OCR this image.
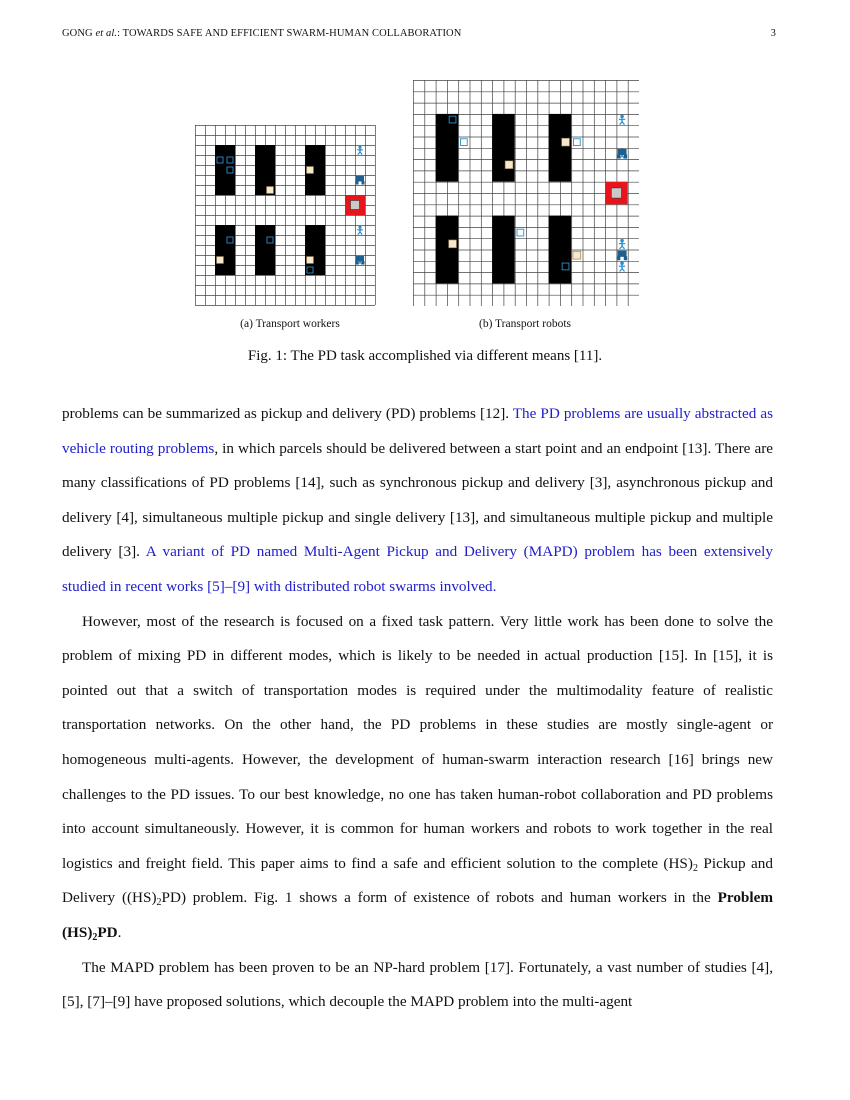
GONG et al.: TOWARDS SAFE AND EFFICIENT SWARM-HUMAN COLLABORATION	3
(a) Transport workers	(b) Transport robots
Fig. 1: The PD task accomplished via different means [11].

problems can be summarized as pickup and delivery (PD) problems [12]. The PD problems are usually abstracted as vehicle routing problems, in which parcels should be delivered between a start point and an endpoint [13]. There are many classifications of PD problems [14], such as synchronous pickup and delivery [3], asynchronous pickup and delivery [4], simultaneous multiple pickup and single delivery [13], and simultaneous multiple pickup and multiple delivery [3]. A variant of PD named Multi-Agent Pickup and Delivery (MAPD) problem has been extensively studied in recent works [5]–[9] with distributed robot swarms involved.

However, most of the research is focused on a fixed task pattern. Very little work has been done to solve the problem of mixing PD in different modes, which is likely to be needed in actual production [15]. In [15], it is pointed out that a switch of transportation modes is required under the multimodality feature of realistic transportation networks. On the other hand, the PD problems in these studies are mostly single-agent or homogeneous multi-agents. However, the development of human-swarm interaction research [16] brings new challenges to the PD issues. To our best knowledge, no one has taken human-robot collaboration and PD problems into account simultaneously. However, it is common for human workers and robots to work together in the real logistics and freight field. This paper aims to find a safe and efficient solution to the complete $(HS)_2$ Pickup and Delivery $((HS)_2PD)$ problem. Fig. 1 shows a form of existence of robots and human workers in the Problem $(HS)_2PD$.

The MAPD problem has been proven to be an NP-hard problem [17]. Fortunately, a vast number of studies [4], [5], [7]–[9] have proposed solutions, which decouple the MAPD problem into the multi-agent
